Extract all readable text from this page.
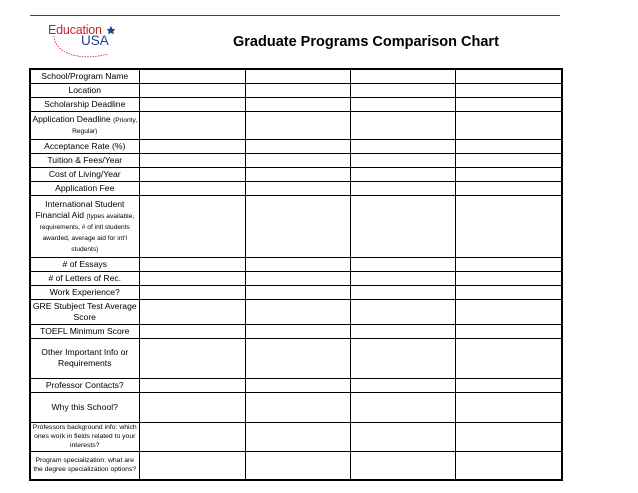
Education
USA	Graduate Programs Comparison Chart
School/Program Name				
Location				
Scholarship Deadline				
Application Deadline (Priority, Regular)				
Acceptance Rate (%)				
Tuition & Fees/Year				
Cost of Living/Year				
Application Fee				
International Student Financial Aid (types available, requirements, # of intl students awarded, average aid for int'l students)				
# of Essays				
# of Letters of Rec.				
Work Experience?				
GRE Stubject Test Average Score				
TOEFL Minimum Score				
Other Important Info or Requirements				
Professor Contacts?				
Why this School?				
Professors background info: which ones work in fields related to your interests?				
Program specialization: what are the degree specialization options?				
